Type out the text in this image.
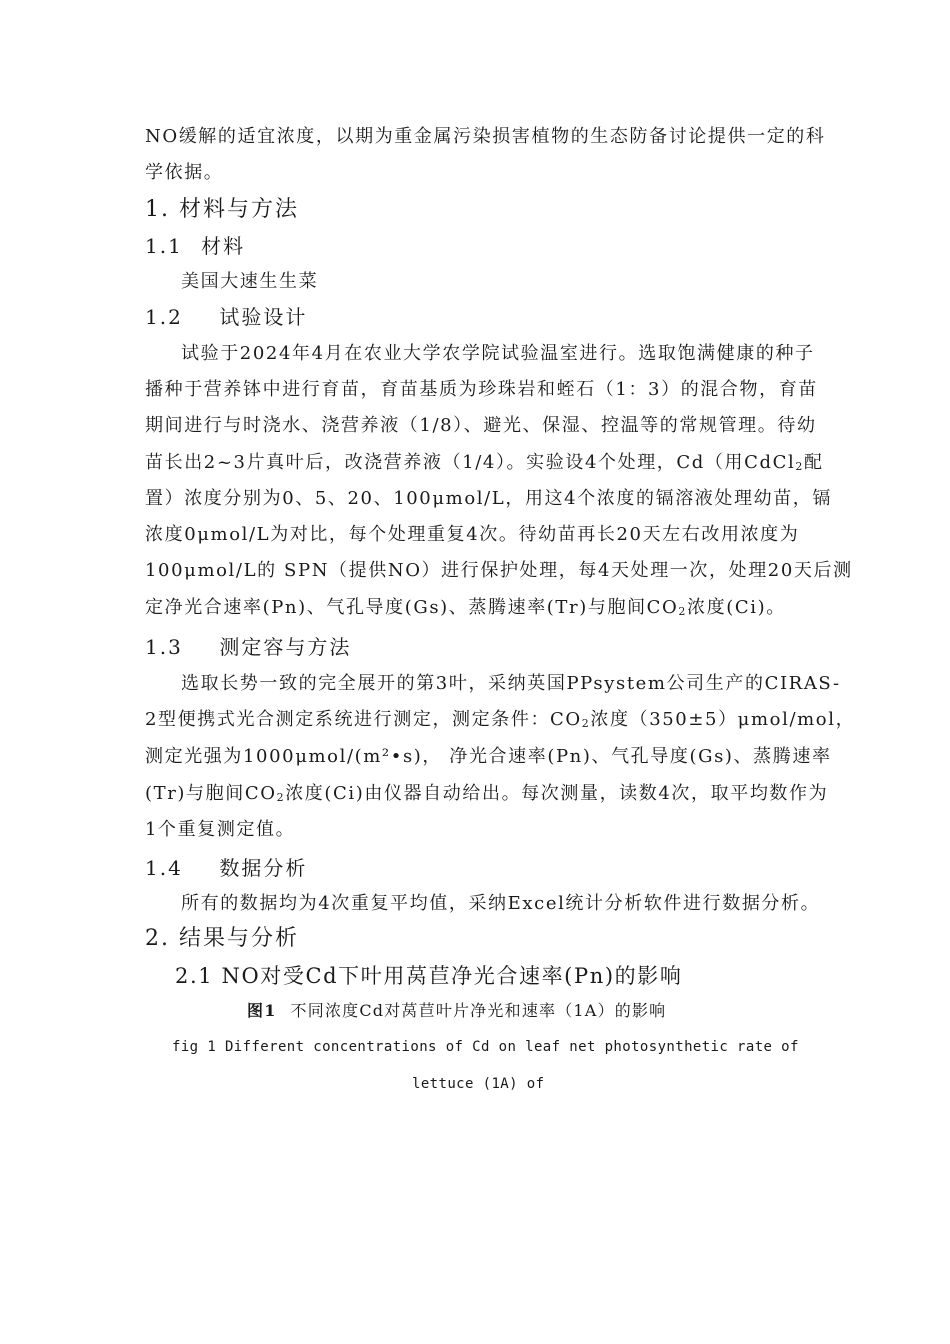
NO缓解的适宜浓度，以期为重金属污染损害植物的生态防备讨论提供一定的科
学依据。
1. 材料与方法
1.1 材料
美国大速生生菜
1.2 试验设计
试验于2024年4月在农业大学农学院试验温室进行。选取饱满健康的种子
播种于营养钵中进行育苗，育苗基质为珍珠岩和蛭石（1：3）的混合物，育苗
期间进行与时浇水、浇营养液（1/8）、避光、保湿、控温等的常规管理。待幼
苗长出2~3片真叶后，改浇营养液（1/4）。实验设4个处理，Cd（用CdCl$_2$配
置）浓度分别为0、5、20、100μmol/L，用这4个浓度的镉溶液处理幼苗，镉
浓度0μmol/L为对比，每个处理重复4次。待幼苗再长20天左右改用浓度为
100μmol/L的 SPN（提供NO）进行保护处理，每4天处理一次，处理20天后测
定净光合速率(Pn)、气孔导度(Gs)、蒸腾速率(Tr)与胞间$CO_2$浓度(Ci)。
1.3 测定容与方法
选取长势一致的完全展开的第3叶，采纳英国PPsystem公司生产的CIRAS-
2型便携式光合测定系统进行测定，测定条件：$CO_2$浓度（350±5）μmol/mol，
测定光强为1000μmol/(m²•s)， 净光合速率(Pn)、气孔导度(Gs)、蒸腾速率
(Tr)与胞间$CO_2$浓度(Ci)由仪器自动给出。每次测量，读数4次，取平均数作为
1个重复测定值。
1.4 数据分析
所有的数据均为4次重复平均值，采纳Excel统计分析软件进行数据分析。
2. 结果与分析
2.1 NO对受Cd下叶用莴苣净光合速率(Pn)的影响
图1 不同浓度Cd对莴苣叶片净光和速率（1A）的影响
fig 1 Different concentrations of Cd on leaf net photosynthetic rate of
lettuce (1A) of
